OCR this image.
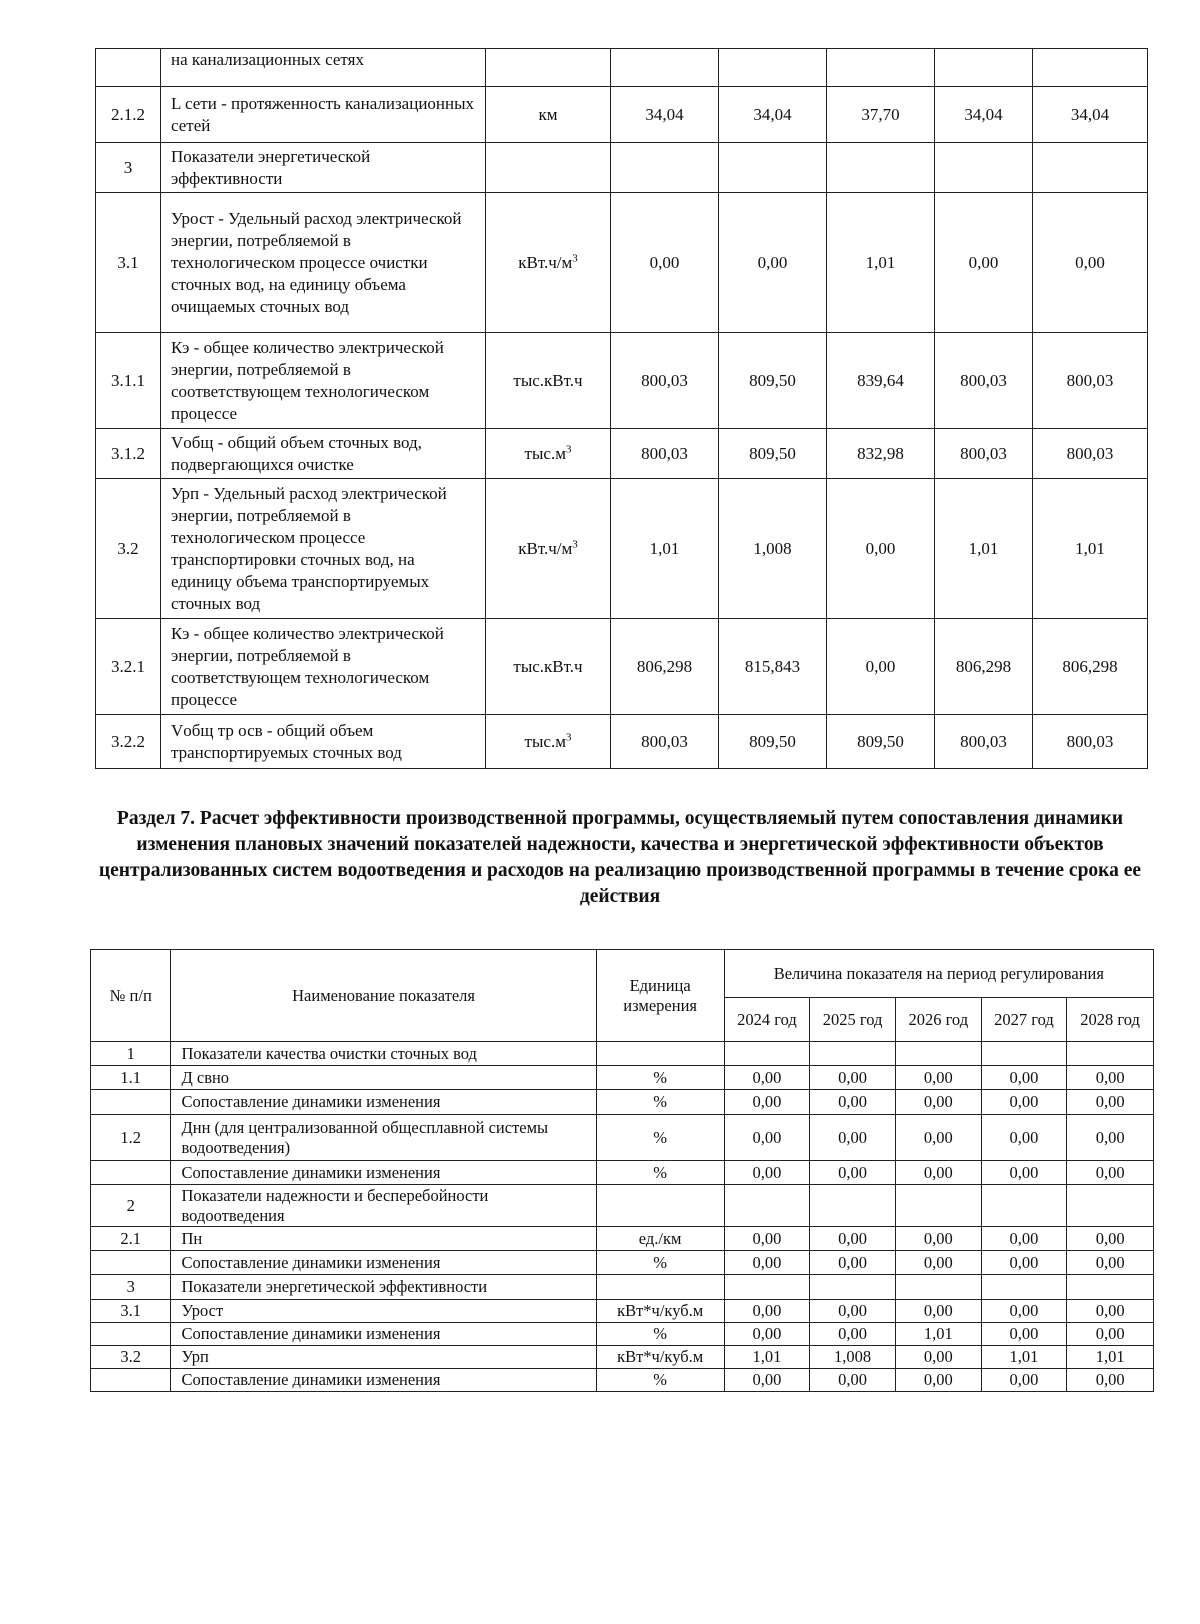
	на канализационных сетях						
2.1.2	L сети - протяженность канализационных сетей	км	34,04	34,04	37,70	34,04	34,04
3	Показатели энергетической эффективности						
3.1	Урост - Удельный расход электрической энергии, потребляемой в технологическом процессе очистки сточных вод, на единицу объема очищаемых сточных вод	$кВт.ч/м^3$	0,00	0,00	1,01	0,00	0,00
3.1.1	Кэ - общее количество электрической энергии, потребляемой в соответствующем технологическом процессе	тыс.кВт.ч	800,03	809,50	839,64	800,03	800,03
3.1.2	Vобщ - общий объем сточных вод, подвергающихся очистке	$тыс.м^3$	800,03	809,50	832,98	800,03	800,03
3.2	Урп - Удельный расход электрической энергии, потребляемой в технологическом процессе транспортировки сточных вод, на единицу объема транспортируемых сточных вод	$кВт.ч/м^3$	1,01	1,008	0,00	1,01	1,01
3.2.1	Кэ - общее количество электрической энергии, потребляемой в соответствующем технологическом процессе	тыс.кВт.ч	806,298	815,843	0,00	806,298	806,298
3.2.2	Vобщ тр осв - общий объем транспортируемых сточных вод	$тыс.м^3$	800,03	809,50	809,50	800,03	800,03
Раздел 7. Расчет эффективности производственной программы, осуществляемый путем сопоставления динамики изменения плановых значений показателей надежности, качества и энергетической эффективности объектов централизованных систем водоотведения и расходов на реализацию производственной программы в течение срока ее действия
№ п/п	Наименование показателя	Единица измерения	Величина показателя на период регулирования				
			2024 год	2025 год	2026 год	2027 год	2028 год
1	Показатели качества очистки сточных вод						
1.1	Д свно	%	0,00	0,00	0,00	0,00	0,00
	Сопоставление динамики изменения	%	0,00	0,00	0,00	0,00	0,00
1.2	Днн (для централизованной общесплавной системы водоотведения)	%	0,00	0,00	0,00	0,00	0,00
	Сопоставление динамики изменения	%	0,00	0,00	0,00	0,00	0,00
2	Показатели надежности и бесперебойности водоотведения						
2.1	Пн	ед./км	0,00	0,00	0,00	0,00	0,00
	Сопоставление динамики изменения	%	0,00	0,00	0,00	0,00	0,00
3	Показатели энергетической эффективности						
3.1	Урост	кВт*ч/куб.м	0,00	0,00	0,00	0,00	0,00
	Сопоставление динамики изменения	%	0,00	0,00	1,01	0,00	0,00
3.2	Урп	кВт*ч/куб.м	1,01	1,008	0,00	1,01	1,01
	Сопоставление динамики изменения	%	0,00	0,00	0,00	0,00	0,00
